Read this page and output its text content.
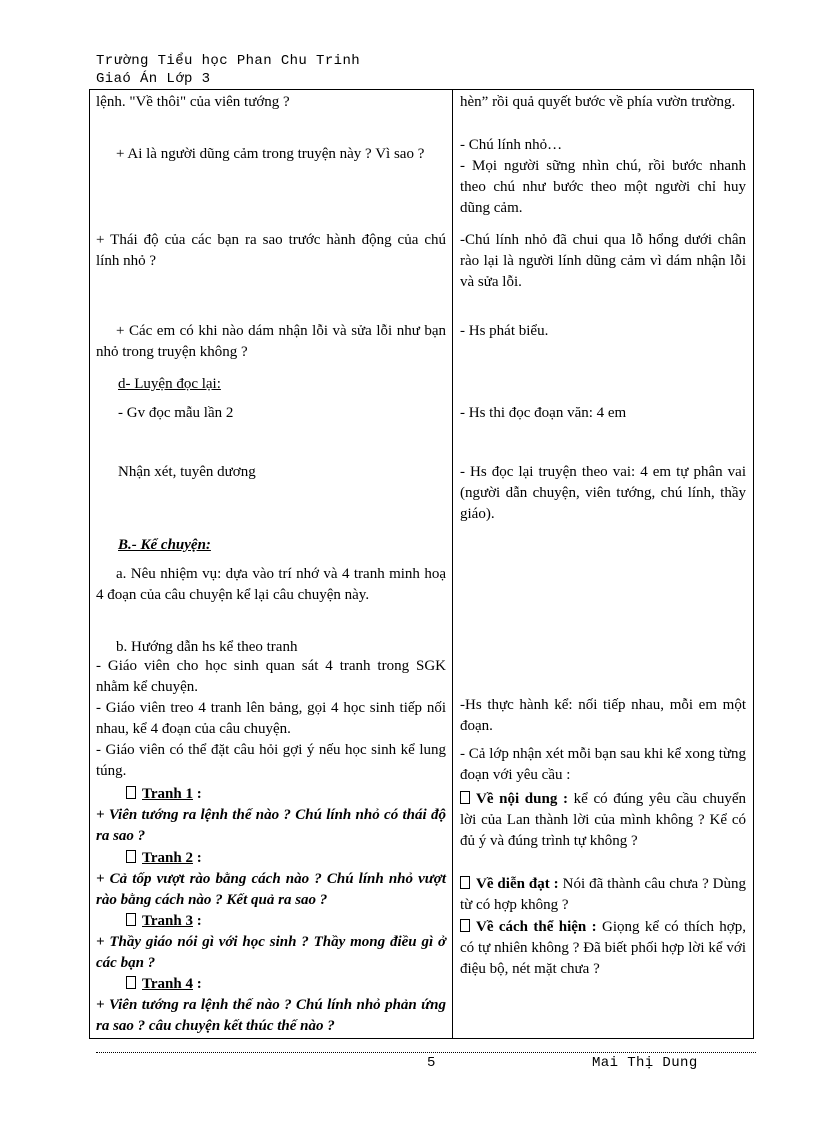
Trường Tiểu học Phan Chu Trinh
Giaó Án Lớp 3
lệnh. "Về thôi" của viên tướng ?
+ Ai là người dũng cảm trong truyện này ? Vì sao ?
+ Thái độ của các bạn ra sao trước hành động của chú lính nhỏ ?
+ Các em có khi nào dám nhận lỗi và sửa lỗi như bạn nhỏ trong truyện không ?
d- Luyện đọc lại:
- Gv đọc mẫu lần 2
Nhận xét, tuyên dương
B.- Kể chuyện:
a. Nêu nhiệm vụ: dựa vào trí nhớ và 4 tranh minh hoạ 4 đoạn của câu chuyện kể lại câu chuyện này.
b. Hướng dẫn hs kể theo tranh
- Giáo viên cho học sinh quan sát 4 tranh trong SGK nhằm kể chuyện.
- Giáo viên treo 4 tranh lên bảng, gọi 4 học sinh tiếp nối nhau, kể 4 đoạn của câu chuyện.
- Giáo viên có thể đặt câu hỏi gợi ý nếu học sinh kể lung túng.
Tranh 1 :
+ Viên tướng ra lệnh thế nào ? Chú lính nhỏ có thái độ ra sao ?
Tranh 2 :
+ Cả tốp vượt rào bằng cách nào ? Chú lính nhỏ vượt rào bằng cách nào ? Kết quả ra sao ?
Tranh 3 :
+ Thầy giáo nói gì với học sinh ? Thầy mong điều gì ở các bạn ?
Tranh 4 :
+ Viên tướng ra lệnh thế nào ? Chú lính nhỏ phản ứng ra sao ? câu chuyện kết thúc thế nào ?
hèn” rồi quả quyết bước về phía vườn trường.
- Chú lính nhỏ…
- Mọi người sững nhìn chú, rồi bước nhanh theo chú như bước theo một người chỉ huy dũng cảm.
-Chú lính nhỏ đã chui qua lỗ hổng dưới chân rào lại là người lính dũng cảm vì dám nhận lỗi và sửa lỗi.
- Hs phát biểu.
- Hs thi đọc đoạn văn: 4 em
- Hs đọc lại truyện theo vai: 4 em tự phân vai (người dẫn chuyện, viên tướng, chú lính, thầy giáo).
-Hs thực hành kể: nối tiếp nhau, mỗi em một đoạn.
- Cả lớp nhận xét mỗi bạn sau khi kể xong từng đoạn với yêu cầu :
Về nội dung : kể có đúng yêu cầu chuyển lời của Lan thành lời của mình không ? Kể có đủ ý và đúng trình tự không ?
Về diễn đạt : Nói đã thành câu chưa ? Dùng từ có hợp không ?
Về cách thể hiện : Giọng kể có thích hợp, có tự nhiên không ? Đã biết phối hợp lời kể với điệu bộ, nét mặt chưa ?
5	Mai Thị Dung
